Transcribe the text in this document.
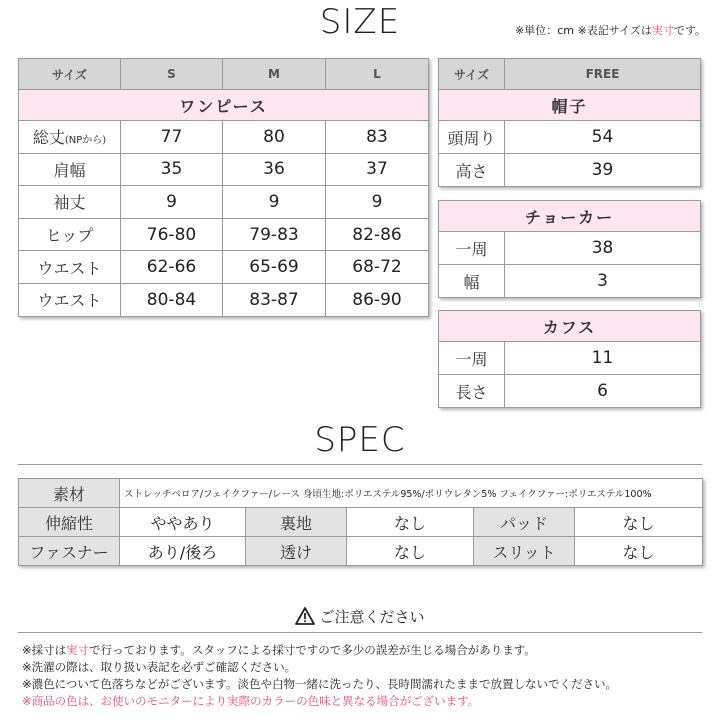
SIZE	※単位：cm ※表記サイズは実寸です。
サイズ	S	M	L
ワンピース			
総丈(NPから)	77	80	83
肩幅	35	36	37
袖丈	9	9	9
ヒップ	76-80	79-83	82-86
ウエスト	62-66	65-69	68-72
ウエスト	80-84	83-87	86-90
サイズ	FREE
帽子	
頭周り	54
高さ	39
チョーカー	
一周	38
幅	3
カフス	
一周	11
長さ	6
SPEC
素材	ストレッチベロア/フェイクファー/レース 身頃生地:ポリエステル95%/ポリウレタン5% フェイクファー:ポリエステル100%				
伸縮性	ややあり	裏地	なし	パッド	なし
ファスナー	あり/後ろ	透け	なし	スリット	なし
ご注意ください
※採寸は実寸で行っております。スタッフによる採寸ですので多少の誤差が生じる場合があります。
※洗濯の際は、取り扱い表記を必ずご確認ください。
※濃色について色落ちなどがございます。淡色や白物一緒に洗ったり、長時間濡れたままで放置しないでください。
※商品の色は、お使いのモニターにより実際のカラーの色味と異なる場合がございます。
